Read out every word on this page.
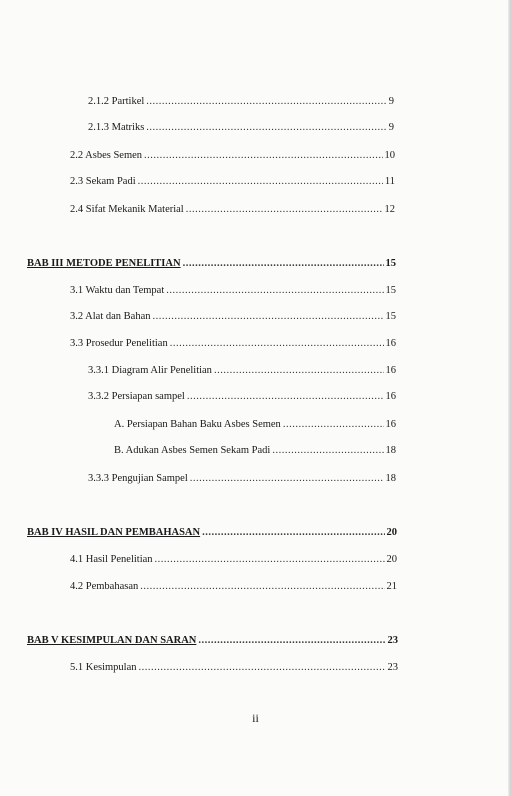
2.1.2 Partikel .....	9
2.1.3 Matriks .....	9
2.2 Asbes Semen .....	10
2.3 Sekam Padi .....	11
2.4 Sifat Mekanik Material .....	12
BAB III METODE PENELITIAN .....	15
3.1 Waktu dan Tempat .....	15
3.2 Alat dan Bahan .....	15
3.3 Prosedur Penelitian .....	16
3.3.1 Diagram Alir Penelitian .....	16
3.3.2 Persiapan sampel .....	16
A. Persiapan Bahan Baku Asbes Semen .....	16
B. Adukan Asbes Semen Sekam Padi .....	18
3.3.3 Pengujian Sampel .....	18
BAB IV HASIL DAN PEMBAHASAN .....	20
4.1 Hasil Penelitian .....	20
4.2 Pembahasan .....	21
BAB V KESIMPULAN DAN SARAN .....	23
5.1 Kesimpulan .....	23
ii
